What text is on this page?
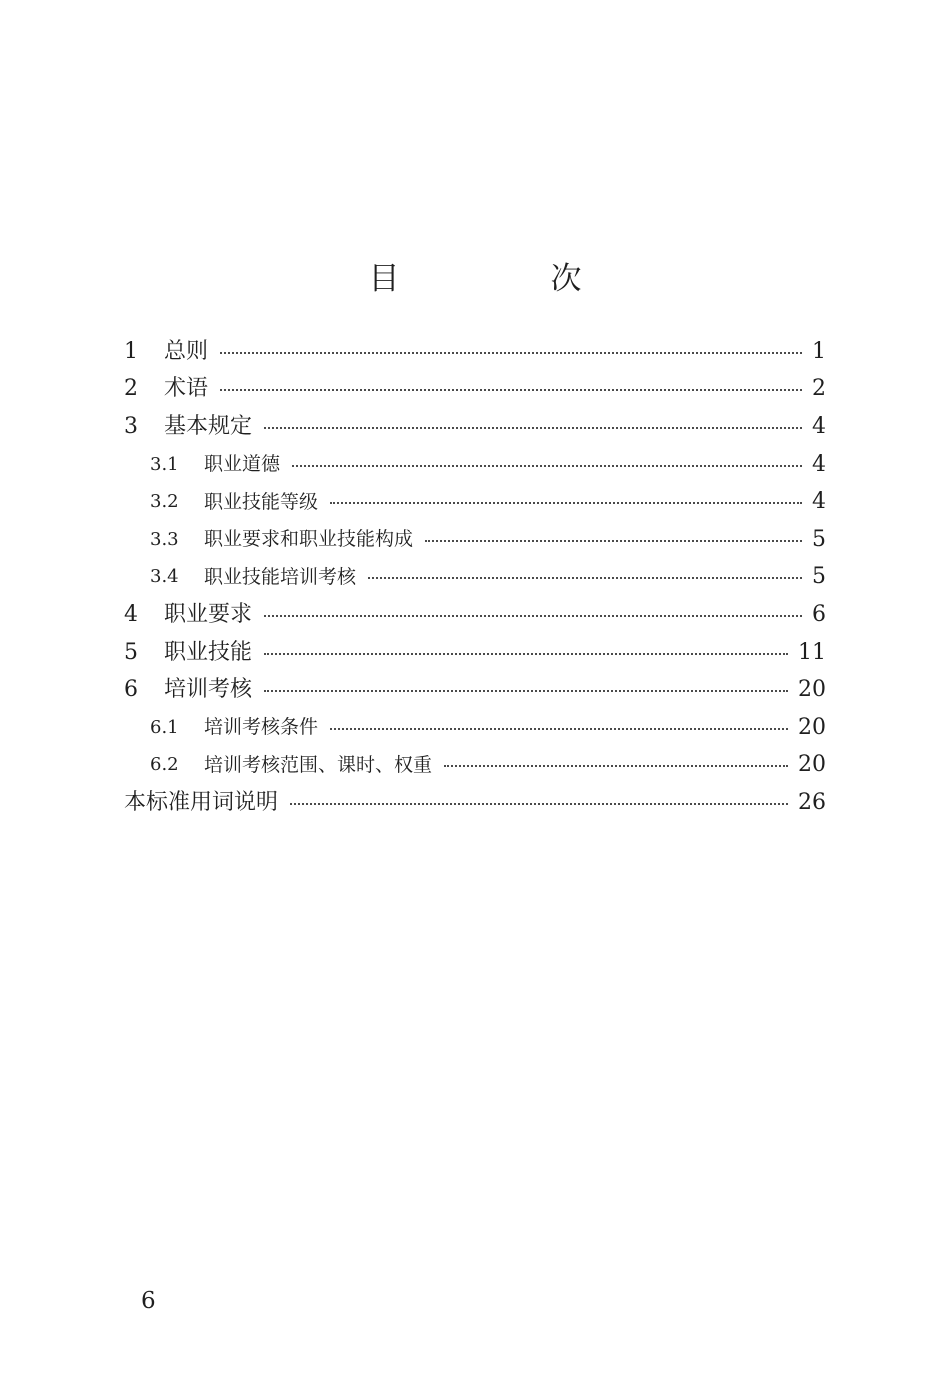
目　次
1	总则	1
2	术语	2
3	基本规定	4
3.1	职业道德	4
3.2	职业技能等级	4
3.3	职业要求和职业技能构成	5
3.4	职业技能培训考核	5
4	职业要求	6
5	职业技能	11
6	培训考核	20
6.1	培训考核条件	20
6.2	培训考核范围、课时、权重	20
本标准用词说明	26
6
